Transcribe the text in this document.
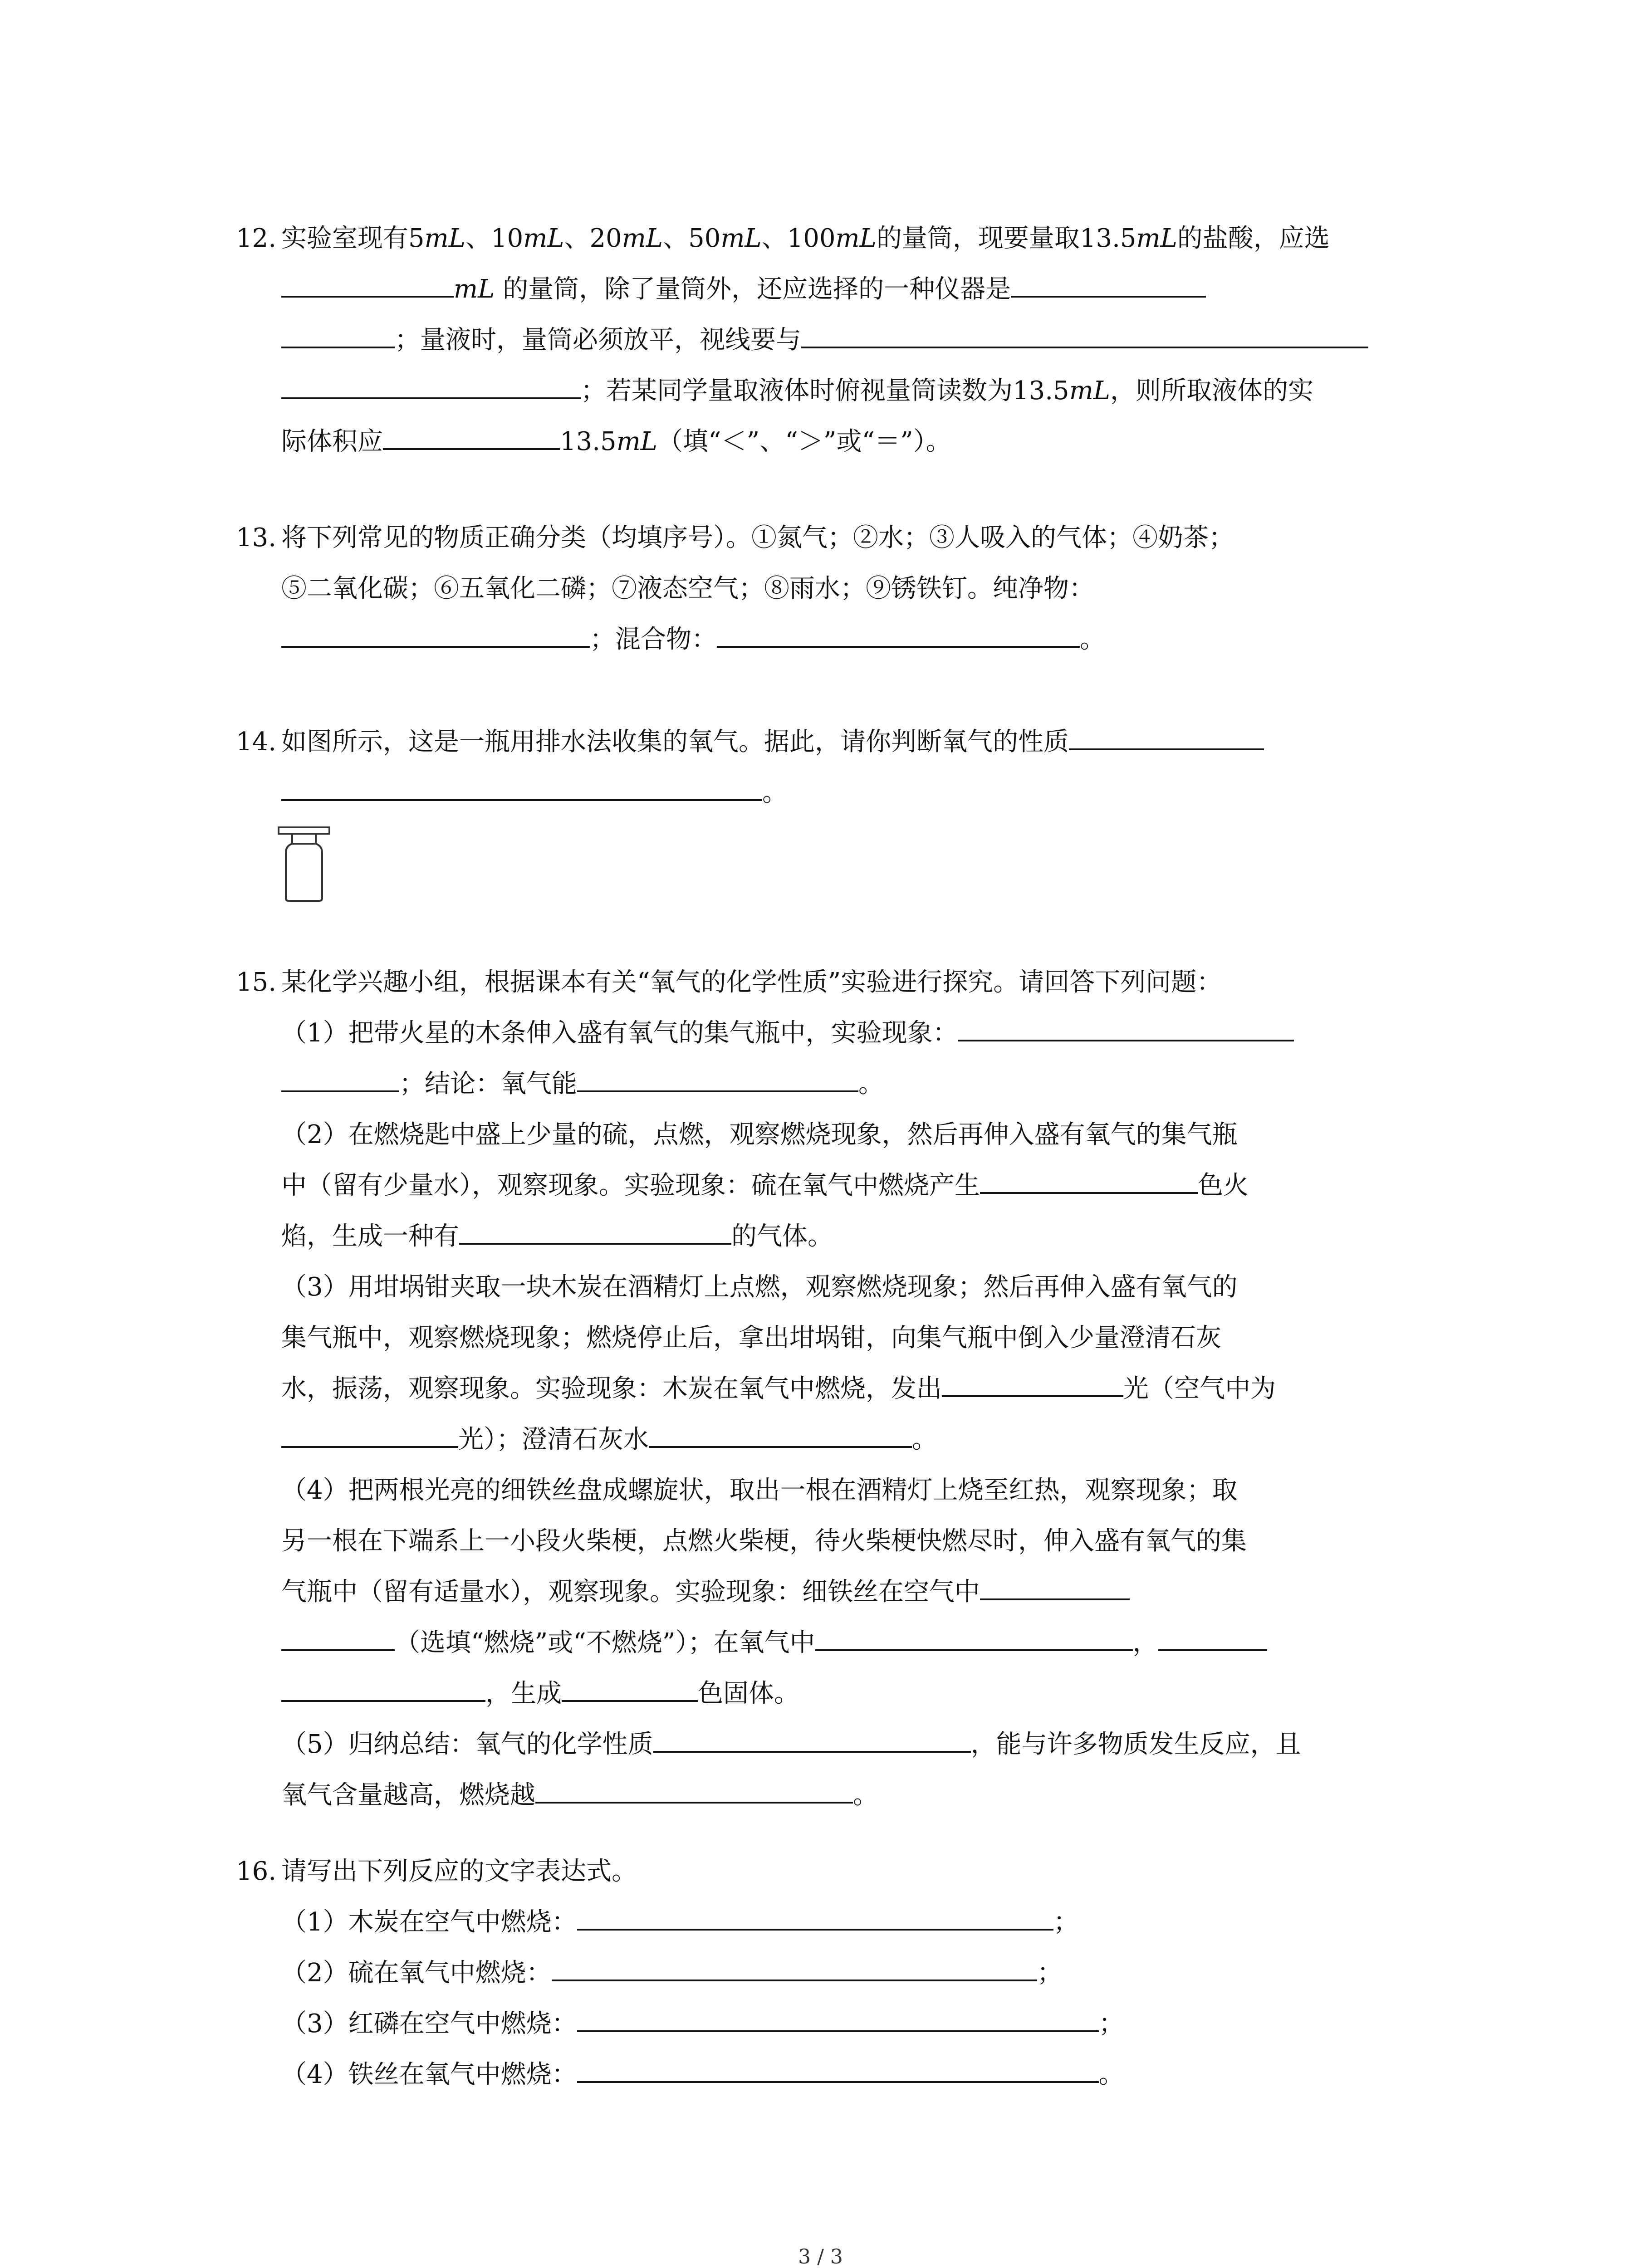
12. 实验室现有5mL、10mL、20mL、50mL、100mL的量筒，现要量取13.5mL的盐酸，应选
mL 的量筒，除了量筒外，还应选择的一种仪器是
；量液时，量筒必须放平，视线要与
；若某同学量取液体时俯视量筒读数为13.5mL，则所取液体的实
际体积应	13.5mL（填“＜”、“＞”或“＝”）。
13. 将下列常见的物质正确分类（均填序号）。①氮气；②水；③人吸入的气体；④奶茶；
⑤二氧化碳；⑥五氧化二磷；⑦液态空气；⑧雨水；⑨锈铁钉。纯净物：
；混合物：	。
14. 如图所示，这是一瓶用排水法收集的氧气。据此，请你判断氧气的性质
。
15. 某化学兴趣小组，根据课本有关“氧气的化学性质”实验进行探究。请回答下列问题：
（1）把带火星的木条伸入盛有氧气的集气瓶中，实验现象：
；结论：氧气能	。
（2）在燃烧匙中盛上少量的硫，点燃，观察燃烧现象，然后再伸入盛有氧气的集气瓶
中（留有少量水），观察现象。实验现象：硫在氧气中燃烧产生	色火
焰，生成一种有	的气体。
（3）用坩埚钳夹取一块木炭在酒精灯上点燃，观察燃烧现象；然后再伸入盛有氧气的
集气瓶中，观察燃烧现象；燃烧停止后，拿出坩埚钳，向集气瓶中倒入少量澄清石灰
水，振荡，观察现象。实验现象：木炭在氧气中燃烧，发出	光（空气中为
光）；澄清石灰水	。
（4）把两根光亮的细铁丝盘成螺旋状，取出一根在酒精灯上烧至红热，观察现象；取
另一根在下端系上一小段火柴梗，点燃火柴梗，待火柴梗快燃尽时，伸入盛有氧气的集
气瓶中（留有适量水），观察现象。实验现象：细铁丝在空气中
（选填“燃烧”或“不燃烧”）；在氧气中	，
，生成	色固体。
（5）归纳总结：氧气的化学性质	，能与许多物质发生反应，且
氧气含量越高，燃烧越	。
16. 请写出下列反应的文字表达式。
（1）木炭在空气中燃烧：	；
（2）硫在氧气中燃烧：	；
（3）红磷在空气中燃烧：	；
（4）铁丝在氧气中燃烧：	。
3 / 3
